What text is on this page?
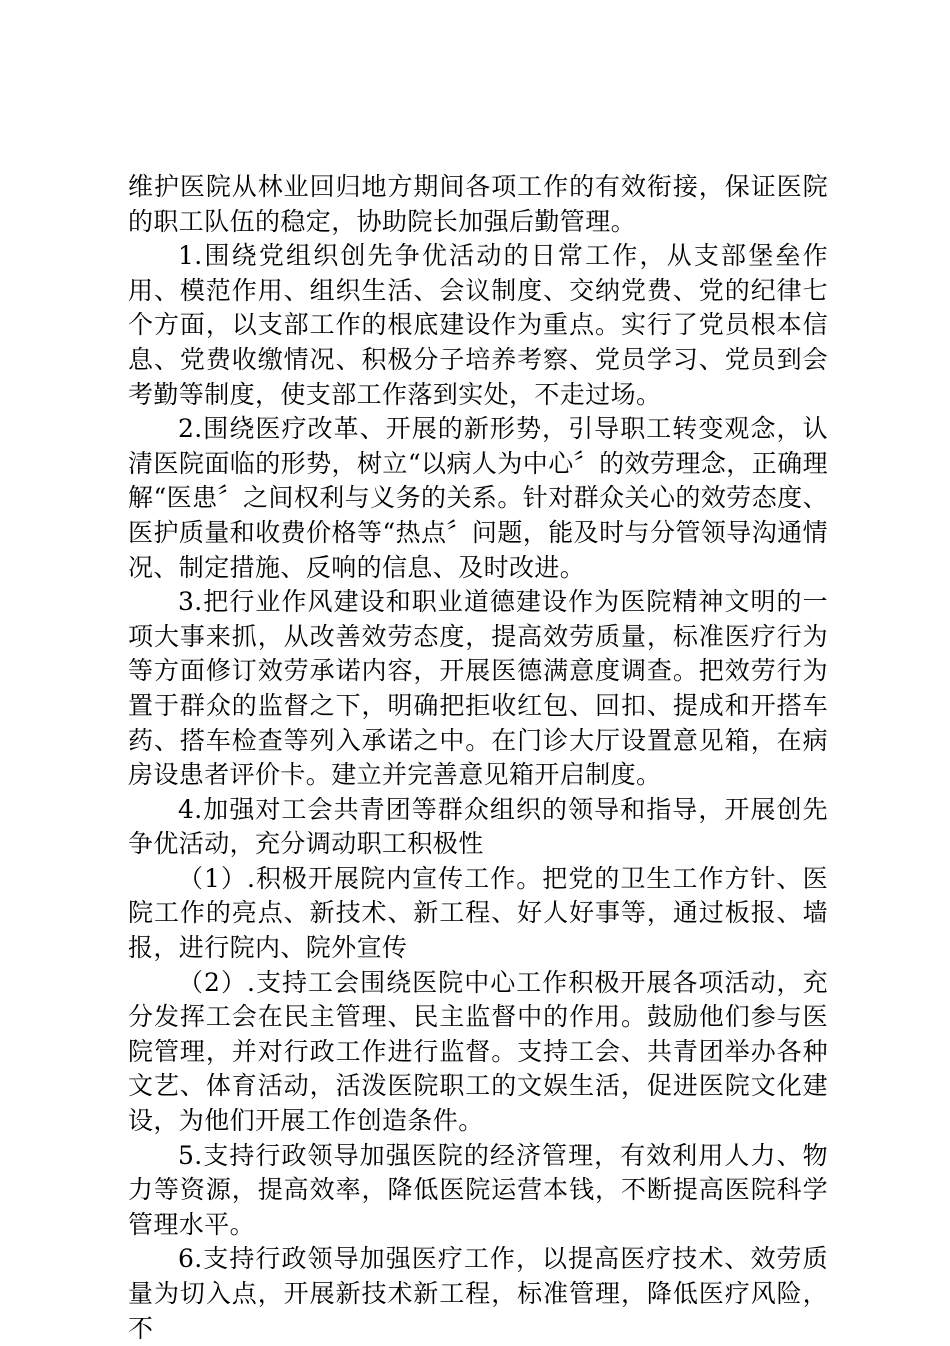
维护医院从林业回归地方期间各项工作的有效衔接，保证医院的职工队伍的稳定，协助院长加强后勤管理。

1.围绕党组织创先争优活动的日常工作，从支部堡垒作用、模范作用、组织生活、会议制度、交纳党费、党的纪律七个方面，以支部工作的根底建设作为重点。实行了党员根本信息、党费收缴情况、积极分子培养考察、党员学习、党员到会考勤等制度，使支部工作落到实处，不走过场。

2.围绕医疗改革、开展的新形势，引导职工转变观念，认清医院面临的形势，树立“以病人为中心〞的效劳理念，正确理解“医患〞之间权利与义务的关系。针对群众关心的效劳态度、医护质量和收费价格等“热点〞问题，能及时与分管领导沟通情况、制定措施、反响的信息、及时改进。

3.把行业作风建设和职业道德建设作为医院精神文明的一项大事来抓，从改善效劳态度，提高效劳质量，标准医疗行为等方面修订效劳承诺内容，开展医德满意度调查。把效劳行为置于群众的监督之下，明确把拒收红包、回扣、提成和开搭车药、搭车检查等列入承诺之中。在门诊大厅设置意见箱，在病房设患者评价卡。建立并完善意见箱开启制度。

4.加强对工会共青团等群众组织的领导和指导，开展创先争优活动，充分调动职工积极性

（1）.积极开展院内宣传工作。把党的卫生工作方针、医院工作的亮点、新技术、新工程、好人好事等，通过板报、墙报，进行院内、院外宣传

（2）.支持工会围绕医院中心工作积极开展各项活动，充分发挥工会在民主管理、民主监督中的作用。鼓励他们参与医院管理，并对行政工作进行监督。支持工会、共青团举办各种文艺、体育活动，活泼医院职工的文娱生活，促进医院文化建设，为他们开展工作创造条件。

5.支持行政领导加强医院的经济管理，有效利用人力、物力等资源，提高效率，降低医院运营本钱，不断提高医院科学管理水平。

6.支持行政领导加强医疗工作，以提高医疗技术、效劳质量为切入点，开展新技术新工程，标准管理，降低医疗风险，不
